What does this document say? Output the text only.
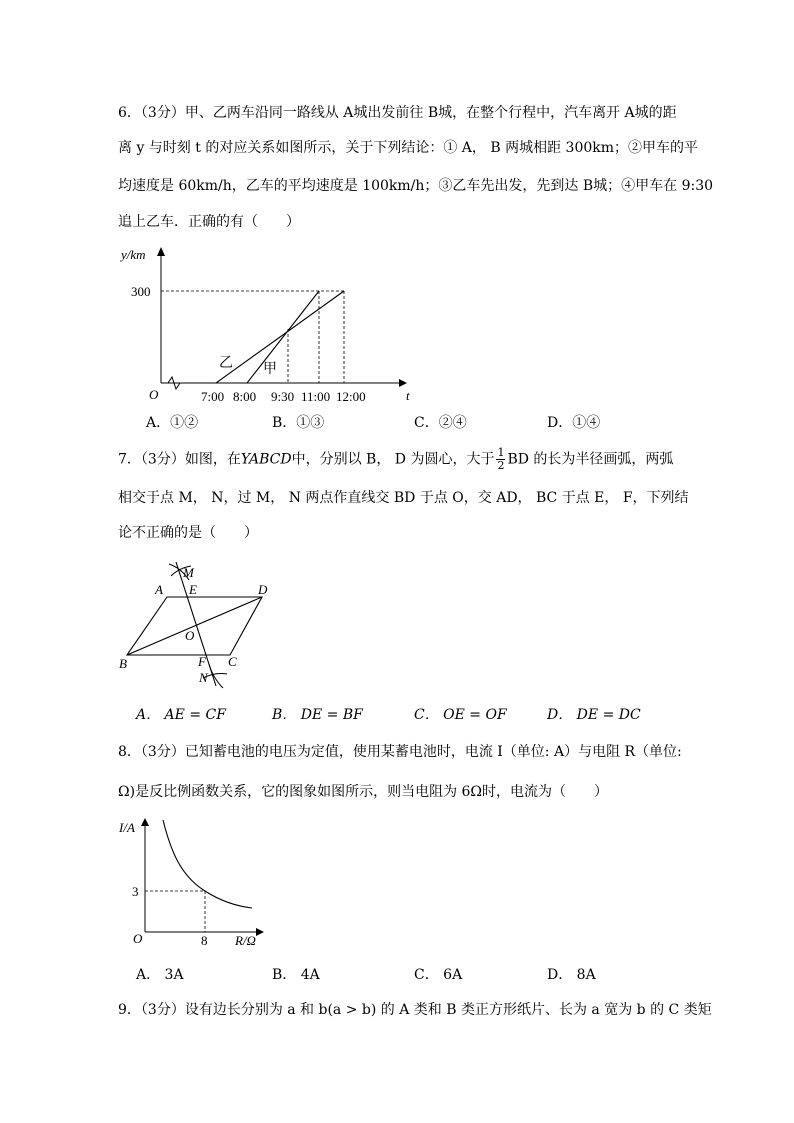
6．（3分）甲、乙两车沿同一路线从 A城出发前往 B城，在整个行程中，汽车离开 A城的距
离 y 与时刻 t 的对应关系如图所示，关于下列结论：① A， B 两城相距 300km；②甲车的平
均速度是 60km/h，乙车的平均速度是 100km/h；③乙车先出发，先到达 B城；④甲车在 9:30
追上乙车．正确的有（　　）
y/km
300
O	t
乙 甲
7:00 8:00 9:30 11:00 12:00
A．①②	B．①③	C．②④	D．①④
7．（3分）如图，在YABCD中，分别以 B， D 为圆心，大于 $\frac{1}{2}$ BD 的长为半径画弧，两弧
相交于点 M， N，过 M， N 两点作直线交 BD 于点 O，交 AD， BC 于点 E， F，下列结
论不正确的是（　　）
A E	D
M
O
B	F C
N
A． AE = CF	B． DE = BF	C． OE = OF	D． DE = DC
8．（3分）已知蓄电池的电压为定值，使用某蓄电池时，电流 I（单位: A）与电阻 R（单位:
Ω)是反比例函数关系，它的图象如图所示，则当电阻为 6Ω时，电流为（　　）
I/A
3
O	8 R/Ω
A． 3A	B． 4A	C． 6A	D． 8A
9．（3分）设有边长分别为 a 和 b(a > b) 的 A 类和 B 类正方形纸片、长为 a 宽为 b 的 C 类矩
